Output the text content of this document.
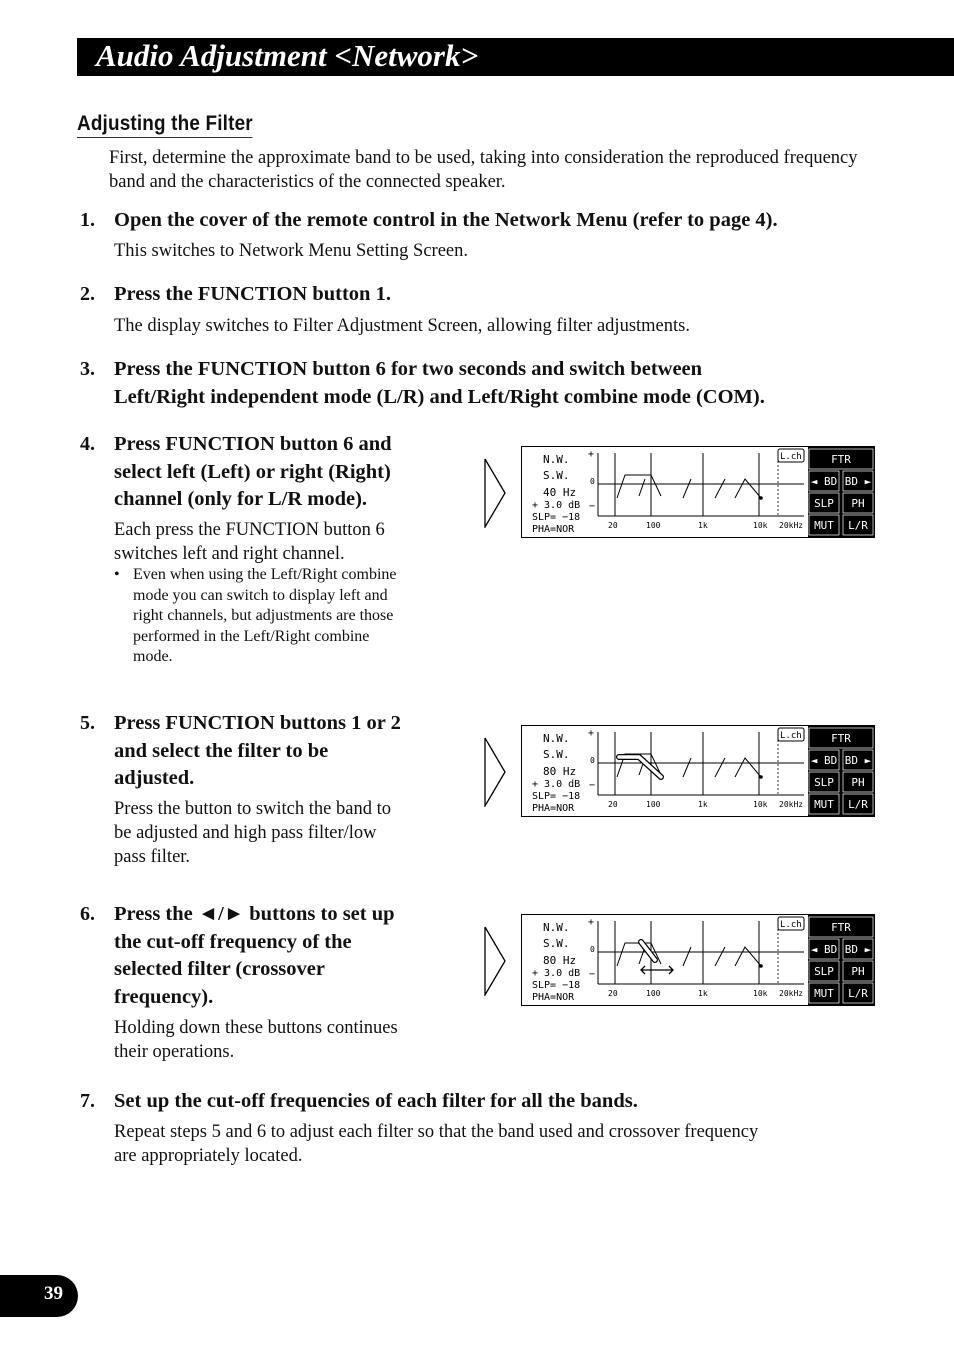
Audio Adjustment <Network>
Adjusting the Filter

First, determine the approximate band to be used, taking into consideration the reproduced frequency band and the characteristics of the connected speaker.

1. Open the cover of the remote control in the Network Menu (refer to page 4).

This switches to Network Menu Setting Screen.

2. Press the FUNCTION button 1.

The display switches to Filter Adjustment Screen, allowing filter adjustments.

3. Press the FUNCTION button 6 for two seconds and switch between
Left/Right independent mode (L/R) and Left/Right combine mode (COM).

4. Press FUNCTION button 6 and
select left (Left) or right (Right)
channel (only for L/R mode).

Each press the FUNCTION button 6
switches left and right channel.

• Even when using the Left/Right combine
mode you can switch to display left and
right channels, but adjustments are those
performed in the Left/Right combine
mode.
5. Press FUNCTION buttons 1 or 2
and select the filter to be
adjusted.

Press the button to switch the band to
be adjusted and high pass filter/low
pass filter.

6. Press the ◄/► buttons to set up
the cut-off frequency of the
selected filter (crossover
frequency).

Holding down these buttons continues
their operations.

7. Set up the cut-off frequencies of each filter for all the bands.

Repeat steps 5 and 6 to adjust each filter so that the band used and crossover frequency
are appropriately located.

N.W.
S.W.
40 Hz
+ 3.0 dB
SLP= −18
PHA=NOR
+
0
−
20	100	1k	10k 20kHz
L.ch	FTR
◄ BD BD ►
SLP PH
MUT L/R
N.W.
S.W.
80 Hz
+ 3.0 dB
SLP= −18
PHA=NOR
+
0
−
20	100	1k	10k 20kHz
L.ch	FTR
◄ BD BD ►
SLP PH
MUT L/R
N.W.
S.W.
80 Hz
+ 3.0 dB
SLP= −18
PHA=NOR
+
0
−
20	100	1k	10k 20kHz
L.ch	FTR
◄ BD BD ►
SLP PH
MUT L/R
39
